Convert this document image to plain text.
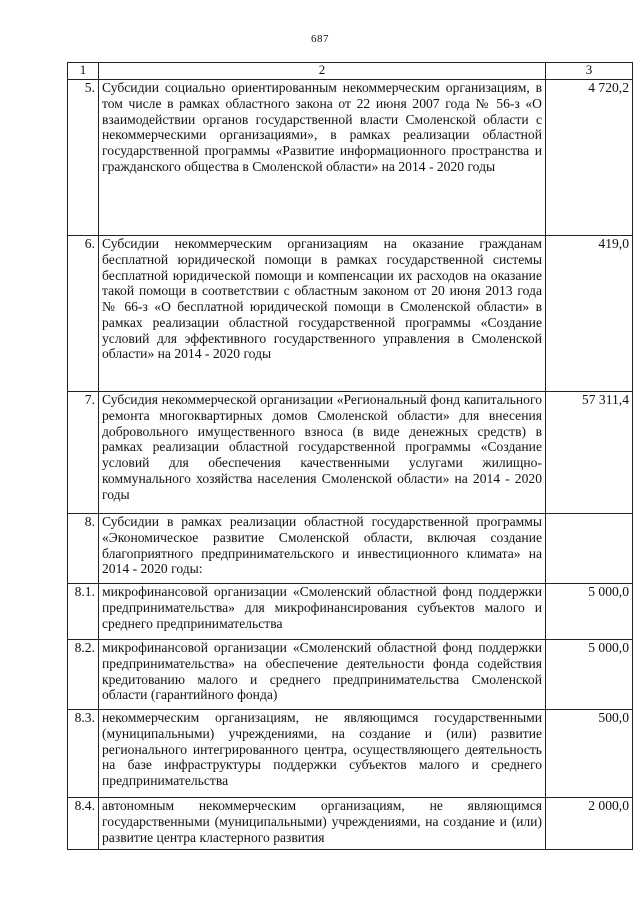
687
1	2	3
5.	Субсидии социально ориентированным некоммерческим организациям, в том числе в рамках областного закона от 22 июня 2007 года № 56-з «О взаимодействии органов государственной власти Смоленской области с некоммерческими организациями», в рамках реализации областной государственной программы «Развитие информационного пространства и гражданского общества в Смоленской области» на 2014 - 2020 годы	4 720,2
6.	Субсидии некоммерческим организациям на оказание гражданам бесплатной юридической помощи в рамках государственной системы бесплатной юридической помощи и компенсации их расходов на оказание такой помощи в соответствии с областным законом от 20 июня 2013 года № 66-з «О бесплатной юридической помощи в Смоленской области» в рамках реализации областной государственной программы «Создание условий для эффективного государственного управления в Смоленской области» на 2014 - 2020 годы	419,0
7.	Субсидия некоммерческой организации «Региональный фонд капитального ремонта многоквартирных домов Смоленской области» для внесения добровольного имущественного взноса (в виде денежных средств) в рамках реализации областной государственной программы «Создание условий для обеспечения качественными услугами жилищно-коммунального хозяйства населения Смоленской области» на 2014 - 2020 годы	57 311,4
8.	Субсидии в рамках реализации областной государственной программы «Экономическое развитие Смоленской области, включая создание благоприятного предпринимательского и инвестиционного климата» на 2014 - 2020 годы:	
8.1.	микрофинансовой организации «Смоленский областной фонд поддержки предпринимательства» для микрофинансирования субъектов малого и среднего предпринимательства	5 000,0
8.2.	микрофинансовой организации «Смоленский областной фонд поддержки предпринимательства» на обеспечение деятельности фонда содействия кредитованию малого и среднего предпринимательства Смоленской области (гарантийного фонда)	5 000,0
8.3.	некоммерческим организациям, не являющимся государственными (муниципальными) учреждениями, на создание и (или) развитие регионального интегрированного центра, осуществляющего деятельность на базе инфраструктуры поддержки субъектов малого и среднего предпринимательства	500,0
8.4.	автономным некоммерческим организациям, не являющимся государственными (муниципальными) учреждениями, на создание и (или) развитие центра кластерного развития	2 000,0
